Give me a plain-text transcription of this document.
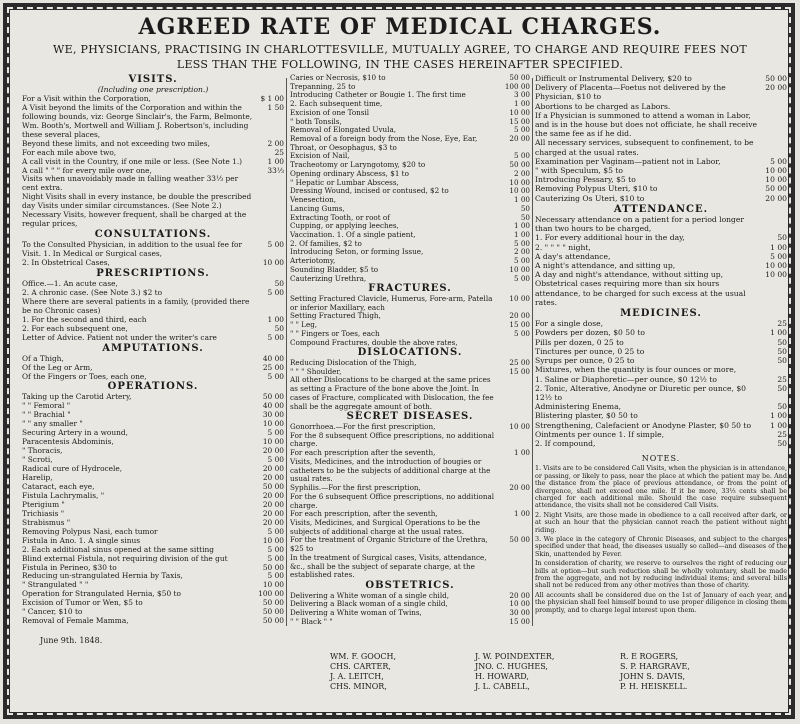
AGREED RATE OF MEDICAL CHARGES.
WE, PHYSICIANS, PRACTISING IN CHARLOTTESVILLE, MUTUALLY AGREE, TO CHARGE AND REQUIRE FEES NOT LESS THAN THE FOLLOWING, IN THE CASES HEREINAFTER SPECIFIED.
VISITS.
(Including one prescription.)
For a Visit within the Corporation,	$ 1 00
A Visit beyond the limits of the Corporation and within the following bounds, viz: George Sinclair's, the Farm, Belmonte, Wm. Booth's, Mortwell and William J. Robertson's, including these several places,
1 50
Beyond these limits, and not exceeding two miles,	2 00
For each mile above two,	25
A call visit in the Country, if one mile or less. (See Note 1.)	1 00
A call " " " for every mile over one,	33⅓
Visits when unavoidably made in falling weather 33⅓ per cent extra.
Night Visits shall in every instance, be double the prescribed day Visits under similar circumstances. (See Note 2.)
Necessary Visits, however frequent, shall be charged at the regular prices,
CONSULTATIONS.
To the Consulted Physician, in addition to the usual fee for Visit. 1. In Medical or Surgical cases,
5 00
2. In Obstetrical Cases,	10 00
PRESCRIPTIONS.
Office.—1. An acute case,	50
2. A chronic case. (See Note 3.) $2 to	5 00
Where there are several patients in a family, (provided there be no Chronic cases)
1. For the second and third, each	1 00
2. For each subsequent one,	50
Letter of Advice. Patient not under the writer's care	5 00
AMPUTATIONS.
Of a Thigh,	40 00
Of the Leg or Arm,	25 00
Of the Fingers or Toes, each one,	5 00
OPERATIONS.
Taking up the Carotid Artery,	50 00
" " Femoral "	40 00
" " Brachial "	30 00
" " any smaller "	10 00
Securing Artery in a wound,	5 00
Paracentesis Abdominis,	10 00
" Thoracis,	20 00
" Scroti,	5 00
Radical cure of Hydrocele,	20 00
Harelip,	20 00
Cataract, each eye,	50 00
Fistula Lachrymalis, "	20 00
Pterigium "	20 00
Trichiasis "	20 00
Strabismus "	20 00
Removing Polypus Nasi, each tumor	5 00
Fistula in Ano. 1. A single sinus	10 00
2. Each additional sinus opened at the same sitting	5 00
Blind external Fistula, not requiring division of the gut	5 00
Fistula in Perineo, $30 to	50 00
Reducing un-strangulated Hernia by Taxis,	5 00
" Strangulated " "	10 00
Operation for Strangulated Hernia, $50 to	100 00
Excision of Tumor or Wen, $5 to	50 00
" Cancer, $10 to	50 00
Removal of Female Mamma,	50 00
Caries or Necrosis, $10 to	50 00
Trepanning, 25 to	100 00
Introducing Catheter or Bougie 1. The first time	3 00
2. Each subsequent time,	1 00
Excision of one Tonsil	10 00
" both Tonsils,	15 00
Removal of Elongated Uvula,	5 00
Removal of a foreign body from the Nose, Eye, Ear, Throat, or Oesophagus, $3 to
20 00
Excision of Nail,	5 00
Tracheotomy or Laryngotomy, $20 to	50 00
Opening ordinary Abscess, $1 to	2 00
" Hepatic or Lumbar Abscess,	10 00
Dressing Wound, incised or contused, $2 to	10 00
Venesection,	1 00
Lancing Gums,	50
Extracting Tooth, or root of	50
Cupping, or applying leeches,	1 00
Vaccination. 1. Of a single patient,	1 00
2. Of families, $2 to	5 00
Introducing Seton, or forming Issue,	2 00
Arteriotomy,	5 00
Sounding Bladder, $5 to	10 00
Cauterizing Urethra,	5 00
FRACTURES.
Setting Fractured Clavicle, Humerus, Fore-arm, Patella or inferior Maxillary, each
10 00
Setting Fractured Thigh,	20 00
" " Leg,	15 00
" " Fingers or Toes, each	5 00
Compound Fractures, double the above rates,
DISLOCATIONS.
Reducing Dislocation of the Thigh,	25 00
" " " Shoulder,	15 00
All other Dislocations to be charged at the same prices as setting a Fracture of the bone above the Joint. In cases of Fracture, complicated with Dislocation, the fee shall be the aggregate amount of both.
SECRET DISEASES.
Gonorrhoea.—For the first prescription,	10 00
For the 8 subsequent Office prescriptions, no additional charge.
For each prescription after the seventh,	1 00
Visits, Medicines, and the introduction of bougies or catheters to be the subjects of additional charge at the usual rates.
Syphilis.—For the first prescription,	20 00
For the 6 subsequent Office prescriptions, no additional charge.
For each prescription, after the seventh,	1 00
Visits, Medicines, and Surgical Operations to be the subjects of additional charge at the usual rates.
For the treatment of Organic Stricture of the Urethra, $25 to
50 00
In the treatment of Surgical cases, Visits, attendance, &c., shall be the subject of separate charge, at the established rates.
OBSTETRICS.
Delivering a White woman of a single child,	20 00
Delivering a Black woman of a single child,	10 00
Delivering a White woman of Twins,	30 00
" " Black " "	15 00
Difficult or Instrumental Delivery, $20 to	50 00
Delivery of Placenta—Foetus not delivered by the Physician, $10 to
20 00
Abortions to be charged as Labors.
If a Physician is summoned to attend a woman in Labor, and is in the house but does not officiate, he shall receive the same fee as if he did.
All necessary services, subsequent to confinement, to be charged at the usual rates.
Examination per Vaginam—patient not in Labor,	5 00
" with Speculum, $5 to	10 00
Introducing Pessary, $5 to	10 00
Removing Polypus Uteri, $10 to	50 00
Cauterizing Os Uteri, $10 to	20 00
ATTENDANCE.
Necessary attendance on a patient for a period longer than two hours to be charged,
1. For every additional hour in the day,	50
2. " " " " night,	1 00
A day's attendance,	5 00
A night's attendance, and sitting up,	10 00
A day and night's attendance, without sitting up,	10 00
Obstetrical cases requiring more than six hours attendance, to be charged for such excess at the usual rates.
MEDICINES.
For a single dose,	25
Powders per dozen, $0 50 to	1 00
Pills per dozen, 0 25 to	50
Tinctures per ounce, 0 25 to	50
Syrups per ounce, 0 25 to	50
Mixtures, when the quantity is four ounces or more,
1. Saline or Diaphoretic—per ounce, $0 12½ to	25
2. Tonic, Alterative, Anodyne or Diuretic per ounce, $0 12½ to
50
Administering Enema,	50
Blistering plaster, $0 50 to	1 00
Strengthening, Calefacient or Anodyne Plaster, $0 50 to	1 00
Ointments per ounce 1. If simple,	25
2. If compound,	50
NOTES.

1. Visits are to be considered Call Visits, when the physician is in attendance, or passing, or likely to pass, near the place at which the patient may be. And the distance from the place of previous attendance, or from the point of divergence, shall not exceed one mile. If it be more, 33⅓ cents shall be charged for each additional mile. Should the case require subsequent attendance, the visits shall not be considered Call Visits.

2. Night Visits, are those made in obedience to a call received after dark, or at such an hour that the physician cannot reach the patient without night riding.

3. We place in the category of Chronic Diseases, and subject to the charges specified under that head, the diseases usually so called—and diseases of the Skin, unattended by Fever.

In consideration of charity, we reserve to ourselves the right of reducing our bills at option—but such reduction shall be wholly voluntary, shall be made from the aggregate, and not by reducing individual items; and several bills shall not be reduced from any other motives than those of charity.

All accounts shall be considered due on the 1st of January of each year, and the physician shall feel himself bound to use proper diligence in closing them promptly, and to charge legal interest upon them.

June 9th. 1848.
WM. F. GOOCH,
CHS. CARTER,
J. A. LEITCH,
CHS. MINOR,
J. W. POINDEXTER,
JNO. C. HUGHES,
H. HOWARD,
J. L. CABELL,
R. E ROGERS,
S. P. HARGRAVE,
JOHN S. DAVIS,
P. H. HEISKELL.
